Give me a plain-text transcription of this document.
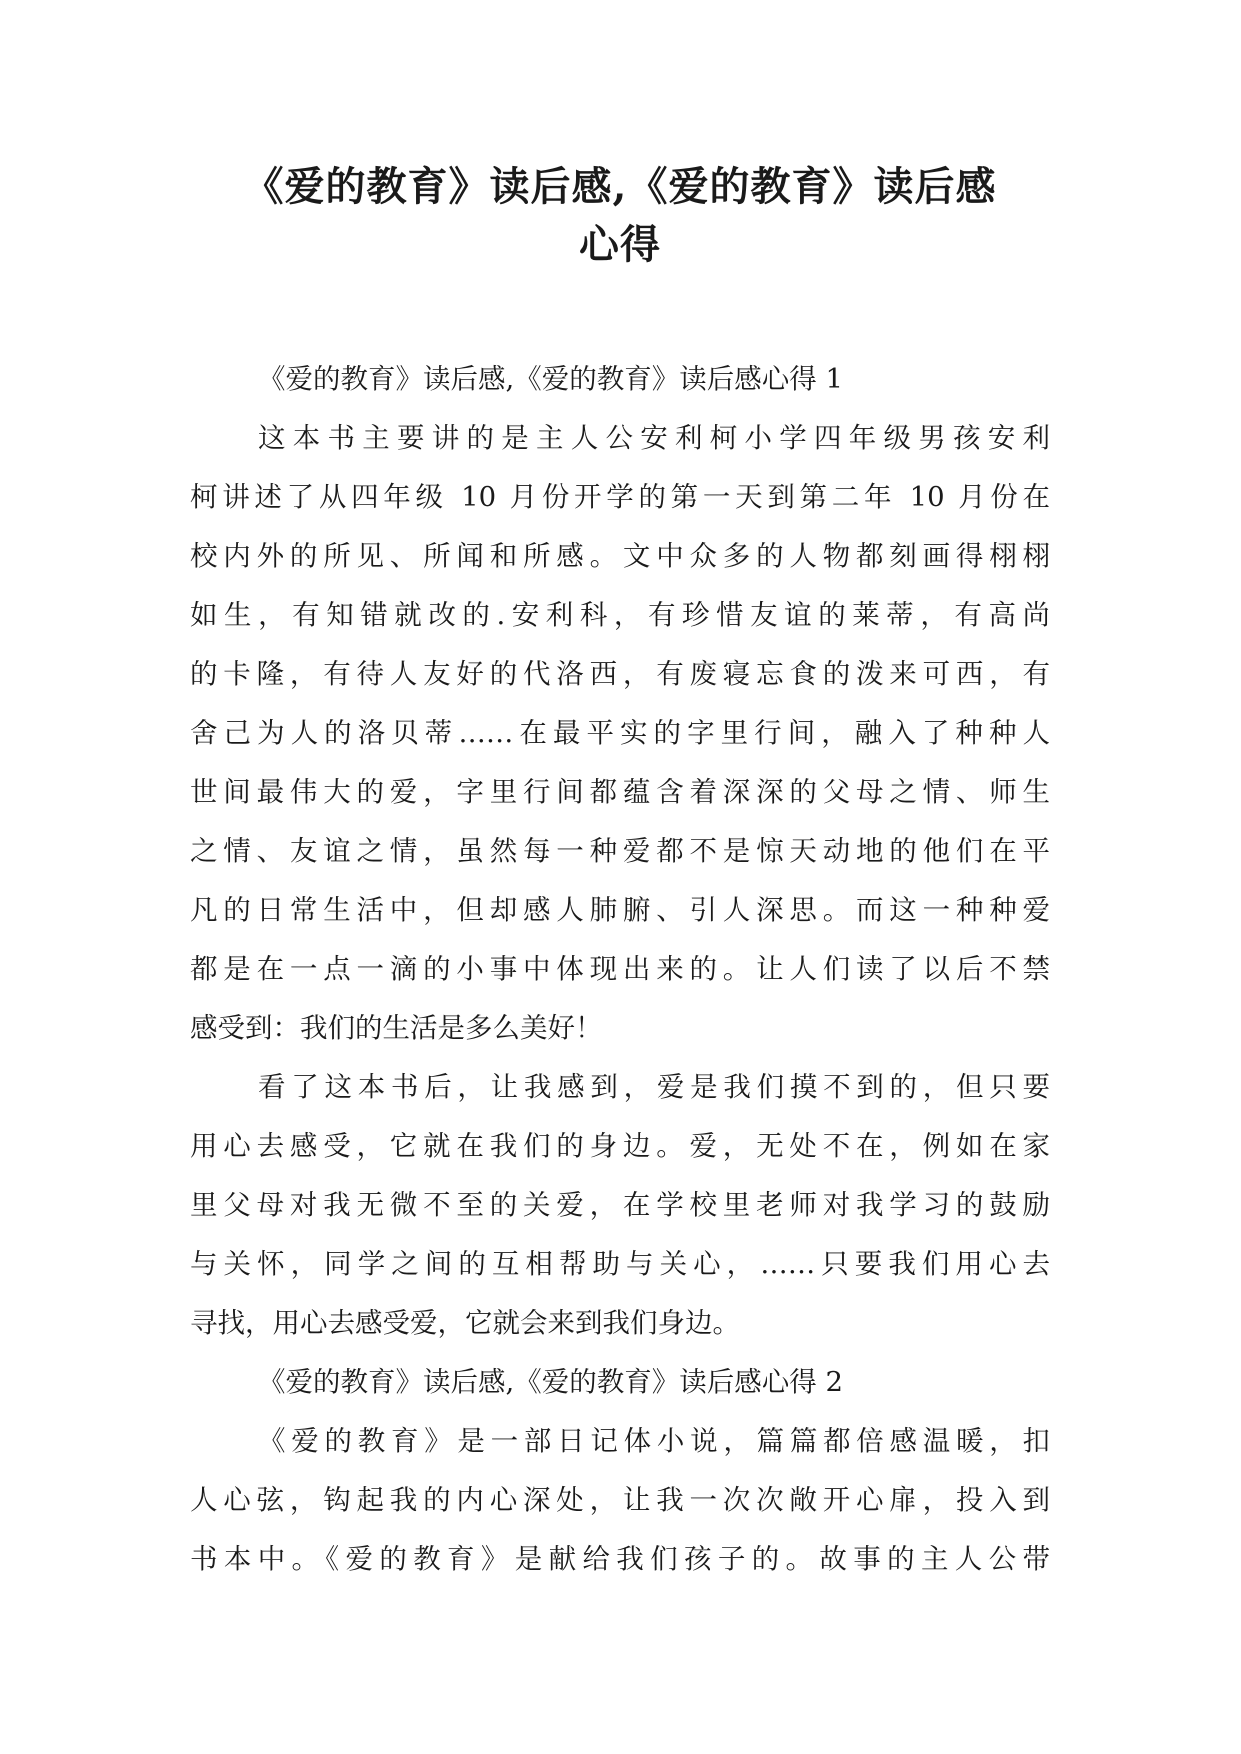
《爱的教育》读后感,《爱的教育》读后感
心得
《爱的教育》读后感,《爱的教育》读后感心得 1
这本书主要讲的是主人公安利柯小学四年级男孩安利
柯讲述了从四年级 10 月份开学的第一天到第二年 10 月份在
校内外的所见、所闻和所感。文中众多的人物都刻画得栩栩
如生，有知错就改的.安利科，有珍惜友谊的莱蒂，有高尚
的卡隆，有待人友好的代洛西，有废寝忘食的泼来可西，有
舍己为人的洛贝蒂……在最平实的字里行间，融入了种种人
世间最伟大的爱，字里行间都蕴含着深深的父母之情、师生
之情、友谊之情，虽然每一种爱都不是惊天动地的他们在平
凡的日常生活中，但却感人肺腑、引人深思。而这一种种爱
都是在一点一滴的小事中体现出来的。让人们读了以后不禁
感受到：我们的生活是多么美好！
看了这本书后，让我感到，爱是我们摸不到的，但只要
用心去感受，它就在我们的身边。爱，无处不在，例如在家
里父母对我无微不至的关爱，在学校里老师对我学习的鼓励
与关怀，同学之间的互相帮助与关心，……只要我们用心去
寻找，用心去感受爱，它就会来到我们身边。
《爱的教育》读后感,《爱的教育》读后感心得 2
《爱的教育》是一部日记体小说，篇篇都倍感温暖，扣
人心弦，钩起我的内心深处，让我一次次敞开心扉，投入到
书本中。《爱的教育》是献给我们孩子的。故事的主人公带
